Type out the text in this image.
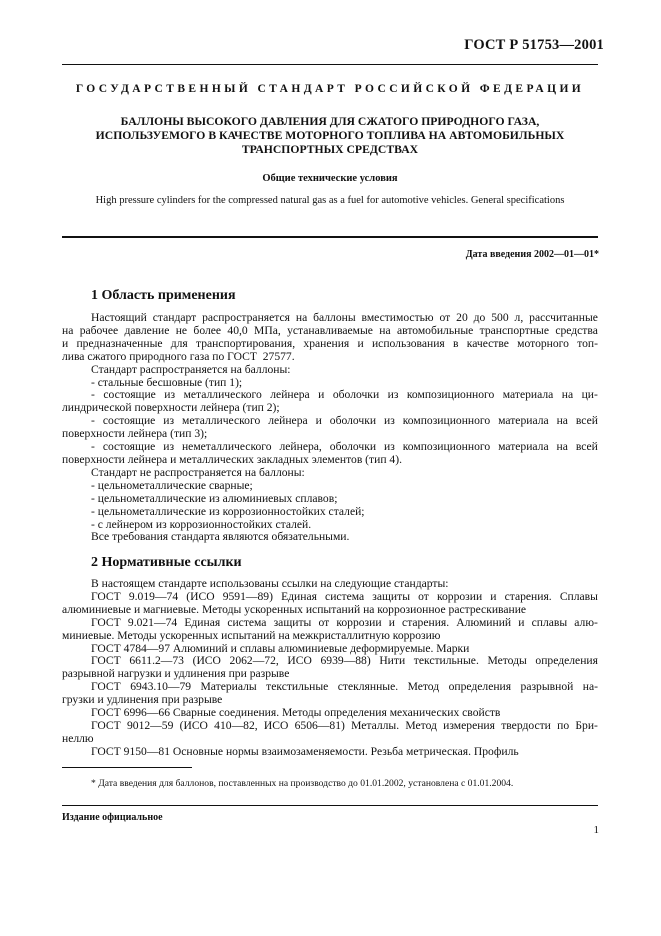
ГОСТ Р 51753—2001
ГОСУДАРСТВЕННЫЙ СТАНДАРТ РОССИЙСКОЙ ФЕДЕРАЦИИ
БАЛЛОНЫ ВЫСОКОГО ДАВЛЕНИЯ ДЛЯ СЖАТОГО ПРИРОДНОГО ГАЗА,
ИСПОЛЬЗУЕМОГО В КАЧЕСТВЕ МОТОРНОГО ТОПЛИВА НА АВТОМОБИЛЬНЫХ
ТРАНСПОРТНЫХ СРЕДСТВАХ
Общие технические условия
High pressure cylinders for the compressed natural gas as a fuel for automotive vehicles. General specifications
Дата введения 2002—01—01*
1 Область применения
Настоящий стандарт распространяется на баллоны вместимостью от 20 до 500 л, рассчитанные
на рабочее давление не более 40,0 МПа, устанавливаемые на автомобильные транспортные средства
и предназначенные для транспортирования, хранения и использования в качестве моторного топ-
лива сжатого природного газа по ГОСТ  27577.
Стандарт распространяется на баллоны:
- стальные бесшовные (тип 1);
- состоящие из металлического лейнера и оболочки из композиционного материала на ци-
линдрической поверхности лейнера (тип 2);
- состоящие из металлического лейнера и оболочки из композиционного материала на всей
поверхности лейнера (тип 3);
- состоящие из неметаллического лейнера, оболочки из композиционного материала на всей
поверхности лейнера и металлических закладных элементов (тип 4).
Стандарт не распространяется на баллоны:
- цельнометаллические сварные;
- цельнометаллические из алюминиевых сплавов;
- цельнометаллические из коррозионностойких сталей;
- с лейнером из коррозионностойких сталей.
Все требования стандарта являются обязательными.
2 Нормативные ссылки
В настоящем стандарте использованы ссылки на следующие стандарты:
ГОСТ 9.019—74 (ИСО 9591—89) Единая система защиты от коррозии и старения. Сплавы
алюминиевые и магниевые. Методы ускоренных испытаний на коррозионное растрескивание
ГОСТ 9.021—74 Единая система защиты от коррозии и старения. Алюминий и сплавы алю-
миниевые. Методы ускоренных испытаний на межкристаллитную коррозию
ГОСТ 4784—97 Алюминий и сплавы алюминиевые деформируемые. Марки
ГОСТ 6611.2—73 (ИСО 2062—72, ИСО 6939—88) Нити текстильные. Методы определения
разрывной нагрузки и удлинения при разрыве
ГОСТ 6943.10—79 Материалы текстильные стеклянные. Метод определения разрывной на-
грузки и удлинения при разрыве
ГОСТ 6996—66 Сварные соединения. Методы определения механических свойств
ГОСТ 9012—59 (ИСО 410—82, ИСО 6506—81) Металлы. Метод измерения твердости по Бри-
неллю
ГОСТ 9150—81 Основные нормы взаимозаменяемости. Резьба метрическая. Профиль
* Дата введения для баллонов, поставленных на производство до 01.01.2002, установлена с 01.01.2004.
Издание официальное
1
